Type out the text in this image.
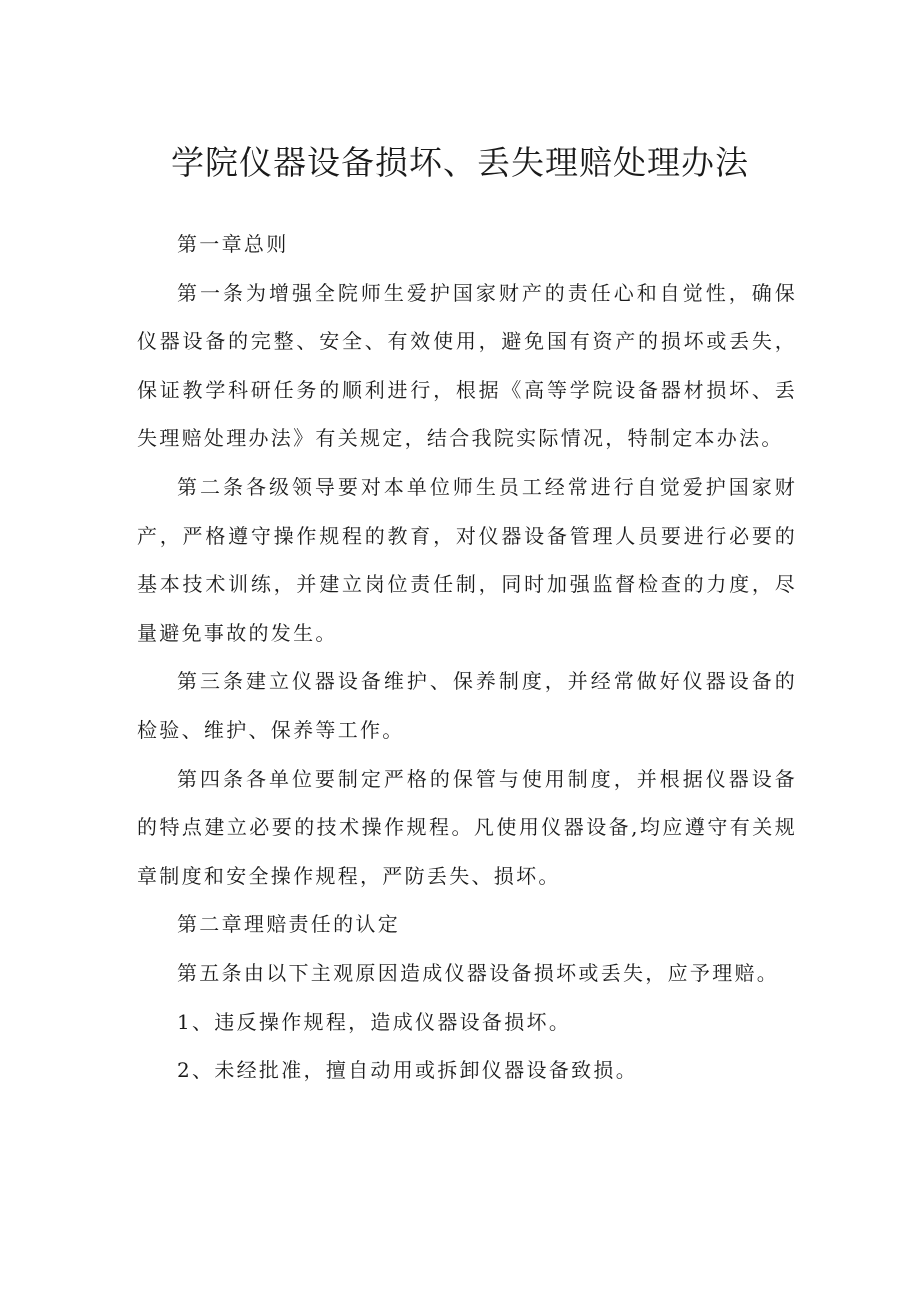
学院仪器设备损坏、丢失理赔处理办法

第一章总则

第一条为增强全院师生爱护国家财产的责任心和自觉性，确保仪器设备的完整、安全、有效使用，避免国有资产的损坏或丢失，保证教学科研任务的顺利进行，根据《高等学院设备器材损坏、丢失理赔处理办法》有关规定，结合我院实际情况，特制定本办法。

第二条各级领导要对本单位师生员工经常进行自觉爱护国家财产，严格遵守操作规程的教育，对仪器设备管理人员要进行必要的基本技术训练，并建立岗位责任制，同时加强监督检查的力度，尽量避免事故的发生。

第三条建立仪器设备维护、保养制度，并经常做好仪器设备的检验、维护、保养等工作。

第四条各单位要制定严格的保管与使用制度，并根据仪器设备的特点建立必要的技术操作规程。凡使用仪器设备,均应遵守有关规章制度和安全操作规程，严防丢失、损坏。

第二章理赔责任的认定

第五条由以下主观原因造成仪器设备损坏或丢失，应予理赔。

1、违反操作规程，造成仪器设备损坏。

2、未经批准，擅自动用或拆卸仪器设备致损。
